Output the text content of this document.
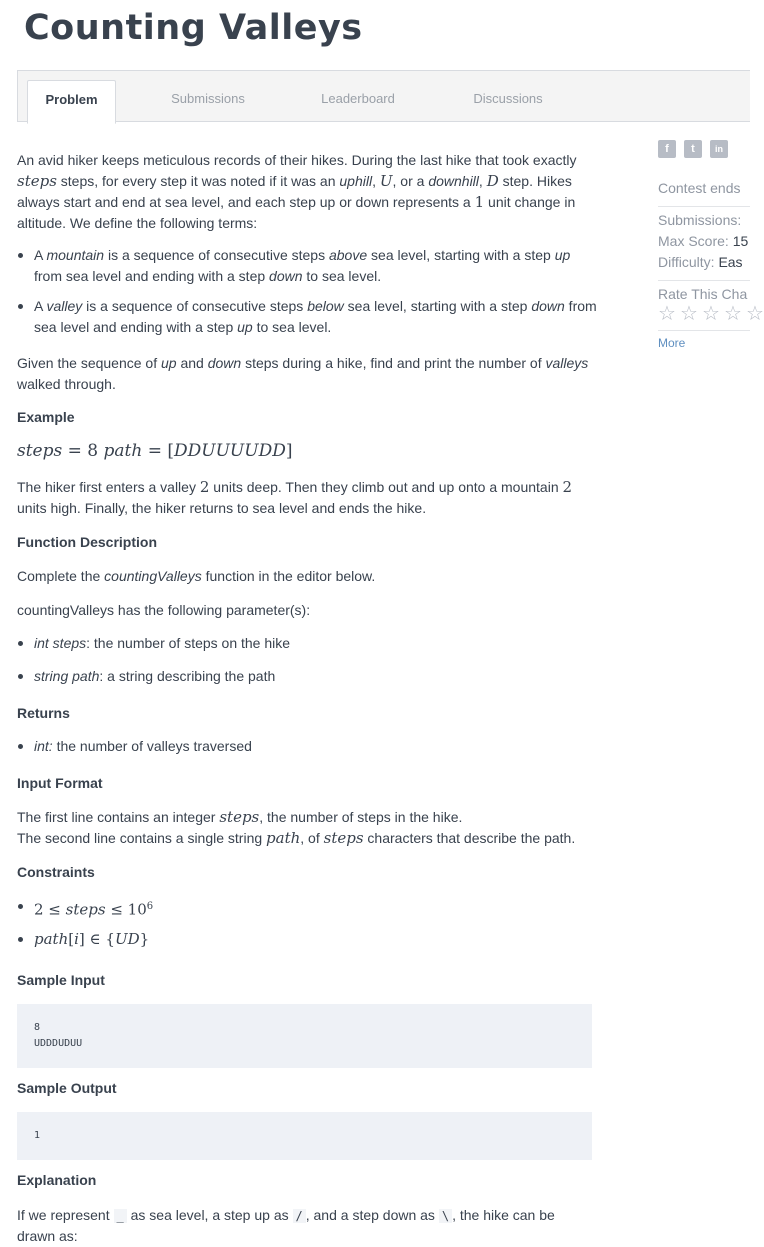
Counting Valleys
Problem	Submissions	Leaderboard	Discussions

An avid hiker keeps meticulous records of their hikes. During the last hike that took exactly steps steps, for every step it was noted if it was an uphill, U, or a downhill, D step. Hikes always start and end at sea level, and each step up or down represents a 1 unit change in altitude. We define the following terms:

A mountain is a sequence of consecutive steps above sea level, starting with a step up from sea level and ending with a step down to sea level.
A valley is a sequence of consecutive steps below sea level, starting with a step down from sea level and ending with a step up to sea level.

Given the sequence of up and down steps during a hike, find and print the number of valleys walked through.

Example

steps = 8 path = [DDUUUUDD]

The hiker first enters a valley 2 units deep. Then they climb out and up onto a mountain 2 units high. Finally, the hiker returns to sea level and ends the hike.

Function Description

Complete the countingValleys function in the editor below.

countingValleys has the following parameter(s):

int steps: the number of steps on the hike
string path: a string describing the path
Returns
int: the number of valleys traversed
Input Format

The first line contains an integer steps, the number of steps in the hike.

The second line contains a single string path, of steps characters that describe the path.

Constraints
2 ≤ steps ≤ $10^6$
path[i] ∈ {UD}
Sample Input
8
UDDDUDUU
Sample Output
1
Explanation

If we represent _ as sea level, a step up as / , and a step down as \ , the hike can be

drawn as:

f	t	in
Contest ends
Submissions:
Max Score: 15
Difficulty: Eas
Rate This Cha
☆ ☆ ☆ ☆ ☆
More
